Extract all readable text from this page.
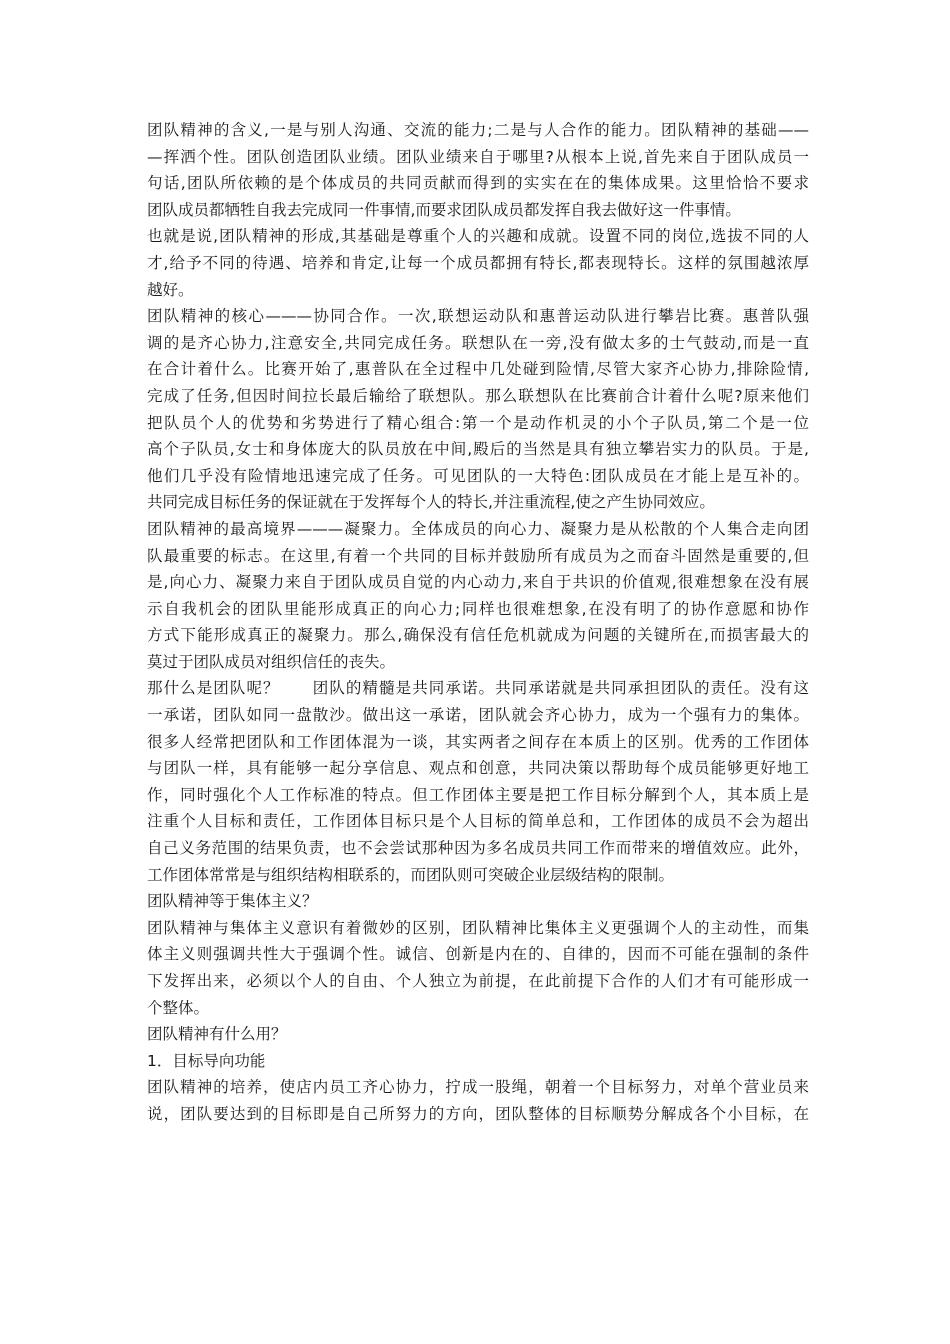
团队精神的含义,一是与别人沟通、交流的能力;二是与人合作的能力。团队精神的基础——
—挥洒个性。团队创造团队业绩。团队业绩来自于哪里?从根本上说,首先来自于团队成员一
句话,团队所依赖的是个体成员的共同贡献而得到的实实在在的集体成果。这里恰恰不要求
团队成员都牺牲自我去完成同一件事情,而要求团队成员都发挥自我去做好这一件事情。
也就是说,团队精神的形成,其基础是尊重个人的兴趣和成就。设置不同的岗位,选拔不同的人
才,给予不同的待遇、培养和肯定,让每一个成员都拥有特长,都表现特长。这样的氛围越浓厚
越好。
团队精神的核心———协同合作。一次,联想运动队和惠普运动队进行攀岩比赛。惠普队强
调的是齐心协力,注意安全,共同完成任务。联想队在一旁,没有做太多的士气鼓动,而是一直
在合计着什么。比赛开始了,惠普队在全过程中几处碰到险情,尽管大家齐心协力,排除险情,
完成了任务,但因时间拉长最后输给了联想队。那么联想队在比赛前合计着什么呢?原来他们
把队员个人的优势和劣势进行了精心组合:第一个是动作机灵的小个子队员,第二个是一位
高个子队员,女士和身体庞大的队员放在中间,殿后的当然是具有独立攀岩实力的队员。于是,
他们几乎没有险情地迅速完成了任务。可见团队的一大特色:团队成员在才能上是互补的。
共同完成目标任务的保证就在于发挥每个人的特长,并注重流程,使之产生协同效应。
团队精神的最高境界———凝聚力。全体成员的向心力、凝聚力是从松散的个人集合走向团
队最重要的标志。在这里,有着一个共同的目标并鼓励所有成员为之而奋斗固然是重要的,但
是,向心力、凝聚力来自于团队成员自觉的内心动力,来自于共识的价值观,很难想象在没有展
示自我机会的团队里能形成真正的向心力;同样也很难想象,在没有明了的协作意愿和协作
方式下能形成真正的凝聚力。那么,确保没有信任危机就成为问题的关键所在,而损害最大的
莫过于团队成员对组织信任的丧失。
那什么是团队呢？　　团队的精髓是共同承诺。共同承诺就是共同承担团队的责任。没有这
一承诺，团队如同一盘散沙。做出这一承诺，团队就会齐心协力，成为一个强有力的集体。
很多人经常把团队和工作团体混为一谈，其实两者之间存在本质上的区别。优秀的工作团体
与团队一样，具有能够一起分享信息、观点和创意，共同决策以帮助每个成员能够更好地工
作，同时强化个人工作标准的特点。但工作团体主要是把工作目标分解到个人，其本质上是
注重个人目标和责任，工作团体目标只是个人目标的简单总和，工作团体的成员不会为超出
自己义务范围的结果负责，也不会尝试那种因为多名成员共同工作而带来的增值效应。此外，
工作团体常常是与组织结构相联系的，而团队则可突破企业层级结构的限制。
团队精神等于集体主义？
团队精神与集体主义意识有着微妙的区别，团队精神比集体主义更强调个人的主动性，而集
体主义则强调共性大于强调个性。诚信、创新是内在的、自律的，因而不可能在强制的条件
下发挥出来，必须以个人的自由、个人独立为前提，在此前提下合作的人们才有可能形成一
个整体。
团队精神有什么用？
1．目标导向功能
团队精神的培养，使店内员工齐心协力，拧成一股绳，朝着一个目标努力，对单个营业员来
说，团队要达到的目标即是自己所努力的方向，团队整体的目标顺势分解成各个小目标，在
